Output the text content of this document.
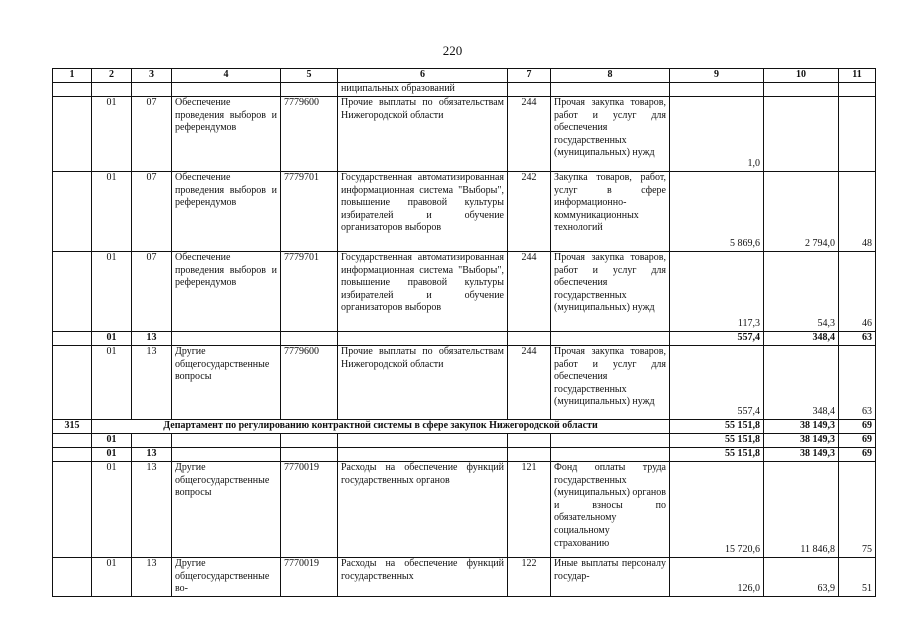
220
1	2	3	4	5	6	7	8	9	10	11
					ниципальных образований					
	01	07	Обеспечение проведения выборов и референдумов	7779600	Прочие выплаты по обязательствам Нижегородской области	244	Прочая закупка товаров, работ и услуг для обеспечения государственных (муниципальных) нужд	1,0		
	01	07	Обеспечение проведения выборов и референдумов	7779701	Государственная автоматизированная информационная система "Выборы", повышение правовой культуры избирателей и обучение организаторов выборов	242	Закупка товаров, работ, услуг в сфере информационно-коммуникационных технологий	5 869,6	2 794,0	48
	01	07	Обеспечение проведения выборов и референдумов	7779701	Государственная автоматизированная информационная система "Выборы", повышение правовой культуры избирателей и обучение организаторов выборов	244	Прочая закупка товаров, работ и услуг для обеспечения государственных (муниципальных) нужд	117,3	54,3	46
	01	13						557,4	348,4	63
	01	13	Другие общегосударственные вопросы	7779600	Прочие выплаты по обязательствам Нижегородской области	244	Прочая закупка товаров, работ и услуг для обеспечения государственных (муниципальных) нужд	557,4	348,4	63
315	Департамент по регулированию контрактной системы в сфере закупок Нижегородской области							55 151,8	38 149,3	69
	01							55 151,8	38 149,3	69
	01	13						55 151,8	38 149,3	69
	01	13	Другие общегосударственные вопросы	7770019	Расходы на обеспечение функций государственных органов	121	Фонд оплаты труда государственных (муниципальных) органов и взносы по обязательному социальному страхованию	15 720,6	11 846,8	75
	01	13	Другие общегосударственные во-	7770019	Расходы на обеспечение функций государственных	122	Иные выплаты персоналу государ-	126,0	63,9	51
